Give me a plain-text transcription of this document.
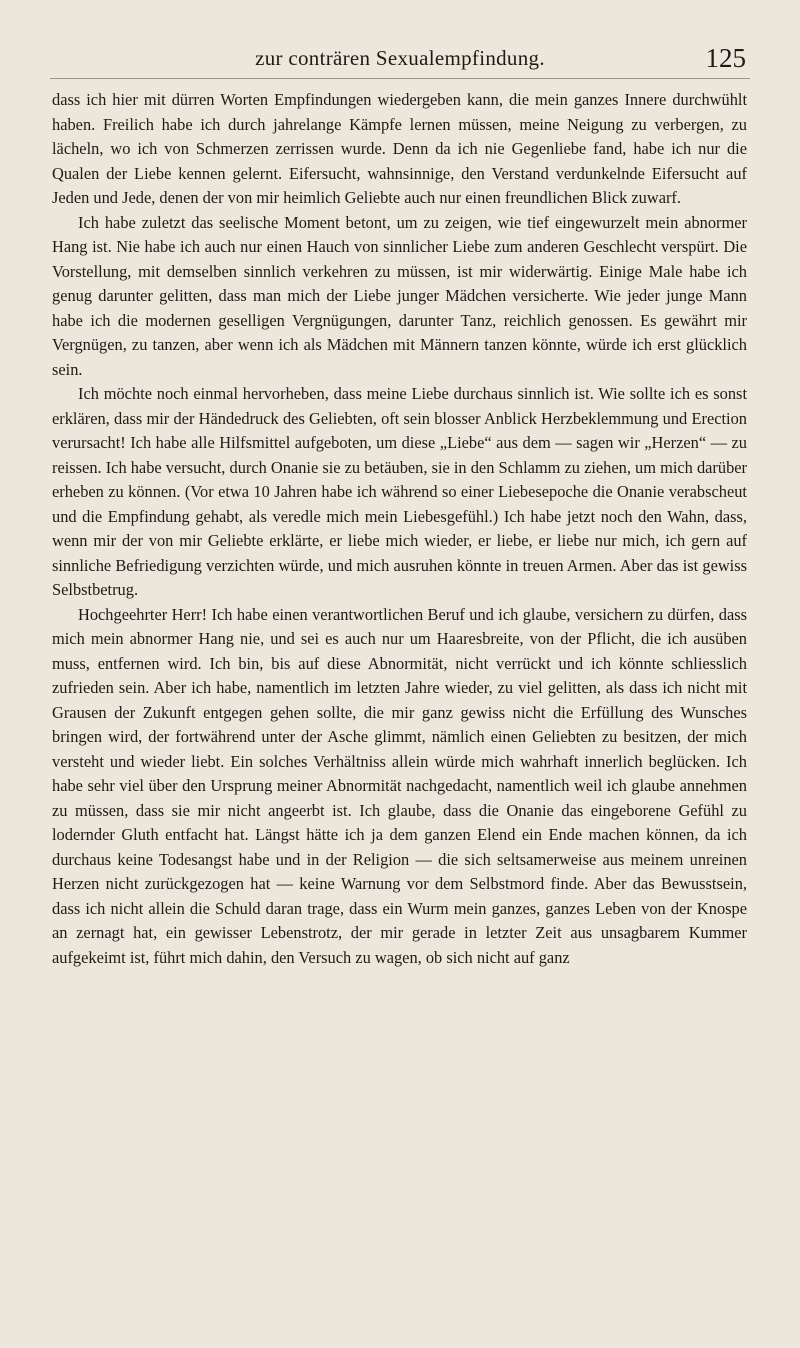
zur conträren Sexualempfindung.	125

dass ich hier mit dürren Worten Empfindungen wiedergeben kann, die mein ganzes Innere durchwühlt haben. Freilich habe ich durch jahrelange Kämpfe lernen müssen, meine Neigung zu verbergen, zu lächeln, wo ich von Schmerzen zerrissen wurde. Denn da ich nie Gegenliebe fand, habe ich nur die Qualen der Liebe kennen gelernt. Eifersucht, wahnsinnige, den Verstand verdunkelnde Eifersucht auf Jeden und Jede, denen der von mir heimlich Geliebte auch nur einen freundlichen Blick zuwarf.

Ich habe zuletzt das seelische Moment betont, um zu zeigen, wie tief eingewurzelt mein abnormer Hang ist. Nie habe ich auch nur einen Hauch von sinnlicher Liebe zum anderen Geschlecht verspürt. Die Vorstellung, mit demselben sinnlich verkehren zu müssen, ist mir widerwärtig. Einige Male habe ich genug darunter gelitten, dass man mich der Liebe junger Mädchen versicherte. Wie jeder junge Mann habe ich die modernen geselligen Vergnügungen, darunter Tanz, reichlich genossen. Es gewährt mir Vergnügen, zu tanzen, aber wenn ich als Mädchen mit Männern tanzen könnte, würde ich erst glücklich sein.

Ich möchte noch einmal hervorheben, dass meine Liebe durchaus sinnlich ist. Wie sollte ich es sonst erklären, dass mir der Händedruck des Geliebten, oft sein blosser Anblick Herzbeklemmung und Erection verursacht! Ich habe alle Hilfsmittel aufgeboten, um diese „Liebe“ aus dem — sagen wir „Herzen“ — zu reissen. Ich habe versucht, durch Onanie sie zu betäuben, sie in den Schlamm zu ziehen, um mich darüber erheben zu können. (Vor etwa 10 Jahren habe ich während so einer Liebesepoche die Onanie verabscheut und die Empfindung gehabt, als veredle mich mein Liebesgefühl.) Ich habe jetzt noch den Wahn, dass, wenn mir der von mir Geliebte erklärte, er liebe mich wieder, er liebe, er liebe nur mich, ich gern auf sinnliche Befriedigung verzichten würde, und mich ausruhen könnte in treuen Armen. Aber das ist gewiss Selbstbetrug.

Hochgeehrter Herr! Ich habe einen verantwortlichen Beruf und ich glaube, versichern zu dürfen, dass mich mein abnormer Hang nie, und sei es auch nur um Haaresbreite, von der Pflicht, die ich ausüben muss, entfernen wird. Ich bin, bis auf diese Abnormität, nicht verrückt und ich könnte schliesslich zufrieden sein. Aber ich habe, namentlich im letzten Jahre wieder, zu viel gelitten, als dass ich nicht mit Grausen der Zukunft entgegen gehen sollte, die mir ganz gewiss nicht die Erfüllung des Wunsches bringen wird, der fortwährend unter der Asche glimmt, nämlich einen Geliebten zu besitzen, der mich versteht und wieder liebt. Ein solches Verhältniss allein würde mich wahrhaft innerlich beglücken. Ich habe sehr viel über den Ursprung meiner Abnormität nachgedacht, namentlich weil ich glaube annehmen zu müssen, dass sie mir nicht angeerbt ist. Ich glaube, dass die Onanie das eingeborene Gefühl zu lodernder Gluth entfacht hat. Längst hätte ich ja dem ganzen Elend ein Ende machen können, da ich durchaus keine Todesangst habe und in der Religion — die sich seltsamerweise aus meinem unreinen Herzen nicht zurückgezogen hat — keine Warnung vor dem Selbstmord finde. Aber das Bewusstsein, dass ich nicht allein die Schuld daran trage, dass ein Wurm mein ganzes, ganzes Leben von der Knospe an zernagt hat, ein gewisser Lebenstrotz, der mir gerade in letzter Zeit aus unsagbarem Kummer aufgekeimt ist, führt mich dahin, den Versuch zu wagen, ob sich nicht auf ganz
